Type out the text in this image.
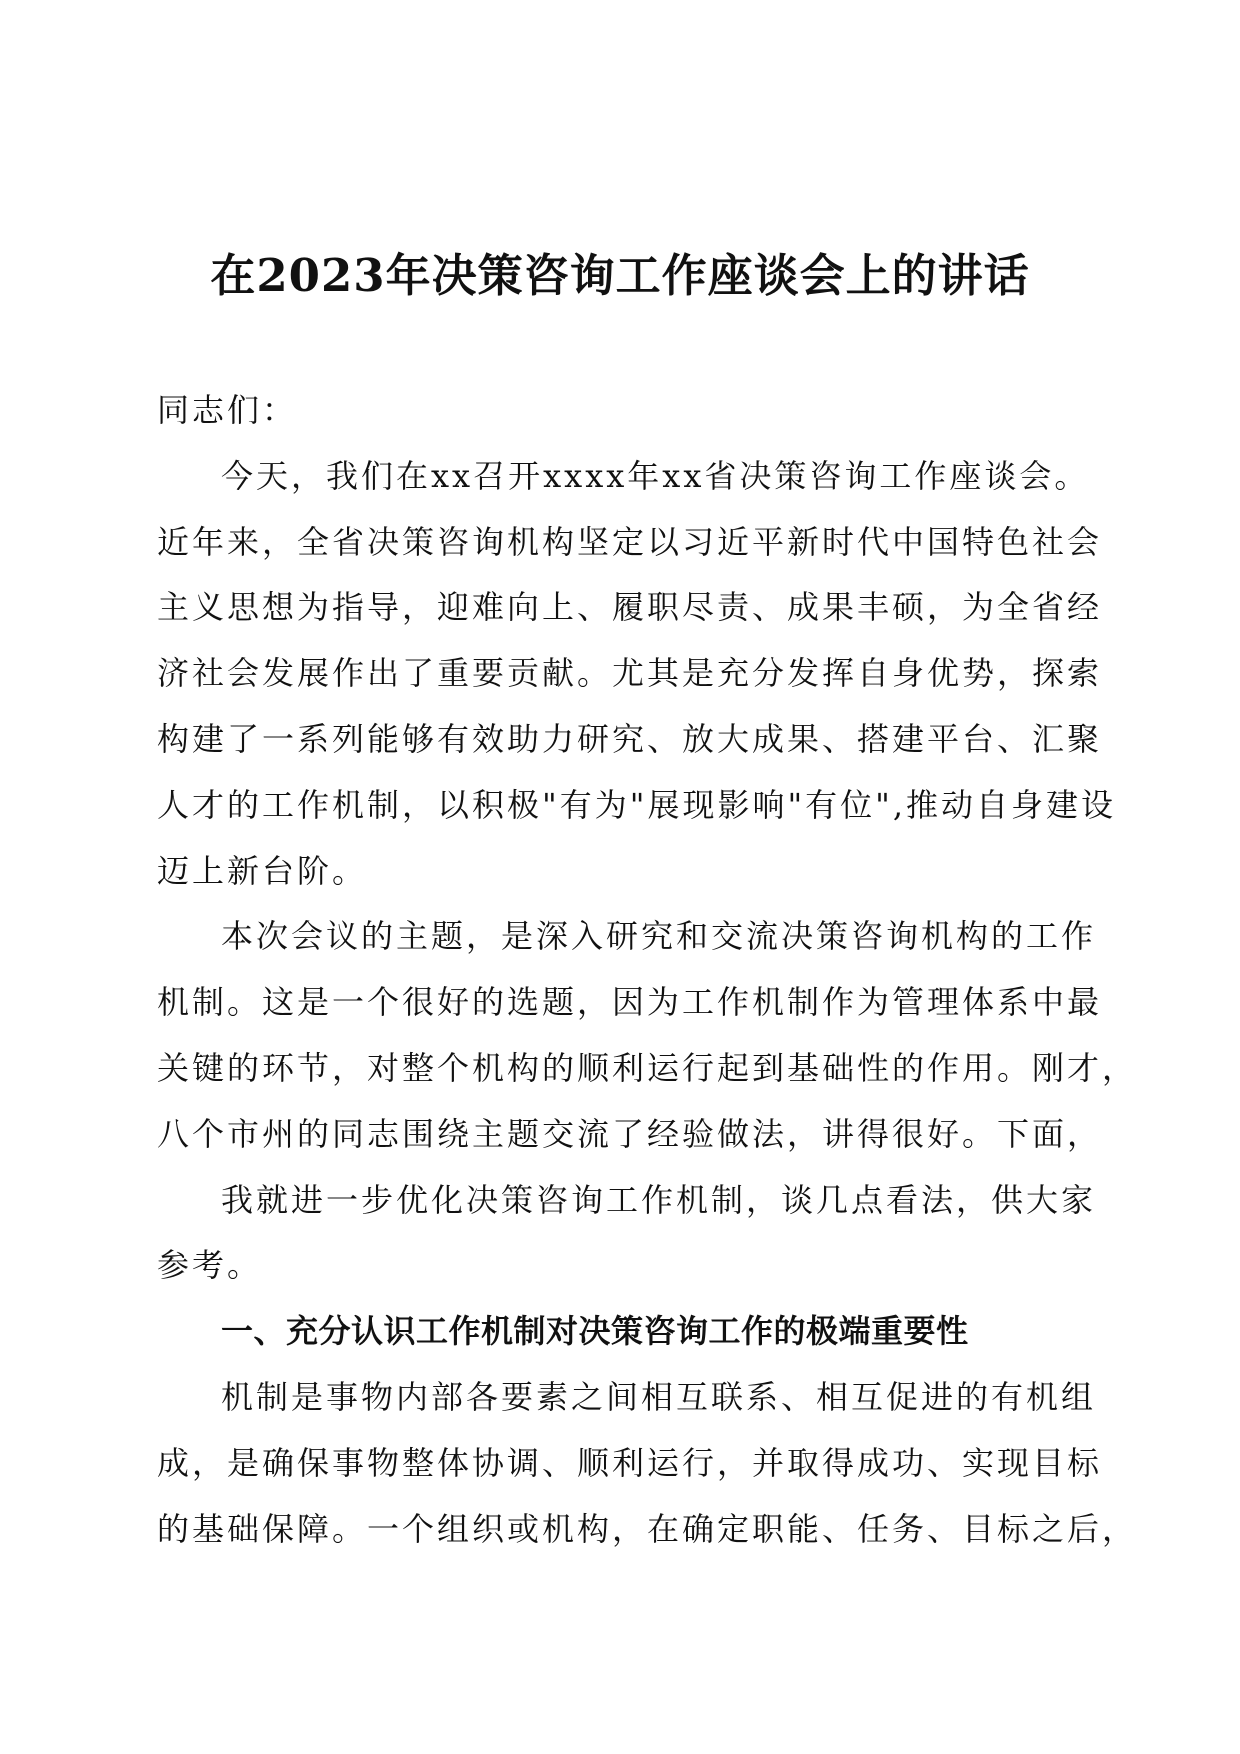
在2023年决策咨询工作座谈会上的讲话
同志们：
今天，我们在xx召开xxxx年xx省决策咨询工作座谈会。
近年来，全省决策咨询机构坚定以习近平新时代中国特色社会
主义思想为指导，迎难向上、履职尽责、成果丰硕，为全省经
济社会发展作出了重要贡献。尤其是充分发挥自身优势，探索
构建了一系列能够有效助力研究、放大成果、搭建平台、汇聚
人才的工作机制，以积极"有为"展现影响"有位",推动自身建设
迈上新台阶。
本次会议的主题，是深入研究和交流决策咨询机构的工作
机制。这是一个很好的选题，因为工作机制作为管理体系中最
关键的环节，对整个机构的顺利运行起到基础性的作用。刚才，
八个市州的同志围绕主题交流了经验做法，讲得很好。下面，
我就进一步优化决策咨询工作机制，谈几点看法，供大家
参考。
一、充分认识工作机制对决策咨询工作的极端重要性
机制是事物内部各要素之间相互联系、相互促进的有机组
成，是确保事物整体协调、顺利运行，并取得成功、实现目标
的基础保障。一个组织或机构，在确定职能、任务、目标之后，
